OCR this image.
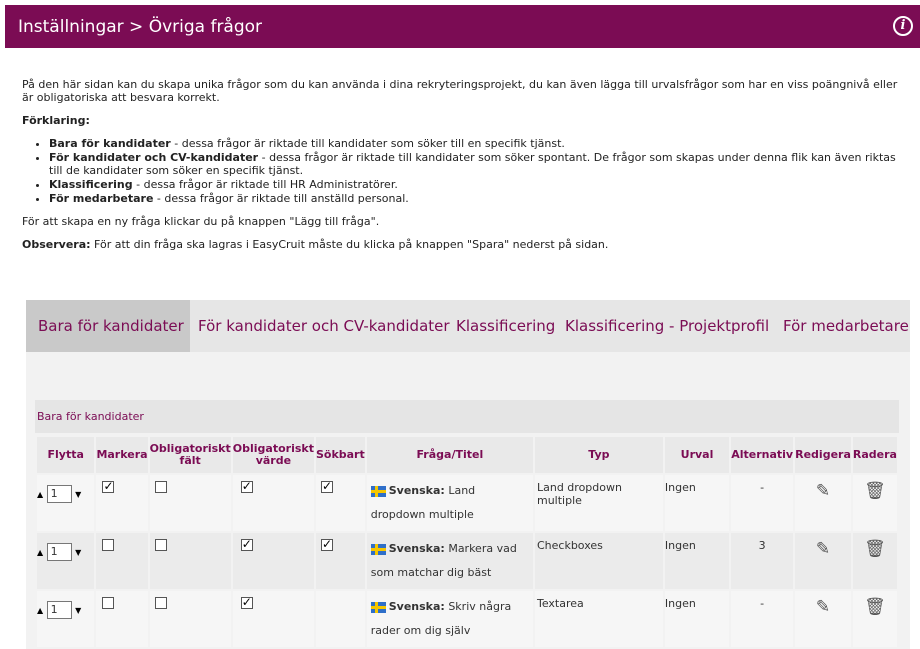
Inställningar > Övriga frågor	i

På den här sidan kan du skapa unika frågor som du kan använda i dina rekryteringsprojekt, du kan även lägga till urvalsfrågor som har en viss poängnivå eller är obligatoriska att besvara korrekt.

Förklaring:

• Bara för kandidater - dessa frågor är riktade till kandidater som söker till en specifik tjänst.
• För kandidater och CV-kandidater - dessa frågor är riktade till kandidater som söker spontant. De frågor som skapas under denna flik kan även riktas till de kandidater som söker en specifik tjänst.
• Klassificering - dessa frågor är riktade till HR Administratörer.
• För medarbetare - dessa frågor är riktade till anställd personal.

För att skapa en ny fråga klickar du på knappen "Lägg till fråga".

Observera: För att din fråga ska lagras i EasyCruit måste du klicka på knappen "Spara" nederst på sidan.

Bara för kandidater För kandidater och CV-kandidater Klassificering Klassificering - Projektprofil För medarbetare
Bara för kandidater
Flytta	Markera	Obligatoriskt fält	Obligatoriskt värde	Sökbart	Fråga/Titel	Typ	Urval	Alternativ	Redigera	Radera
▲ 1 ▼	✓		✓	✓	Svenska: Land dropdown multiple	Land dropdown multiple	Ingen	-	✎	🗑
▲ 1 ▼			✓	✓	Svenska: Markera vad som matchar dig bäst	Checkboxes	Ingen	3	✎	🗑
▲ 1 ▼			✓		Svenska: Skriv några rader om dig själv	Textarea	Ingen	-	✎	🗑
